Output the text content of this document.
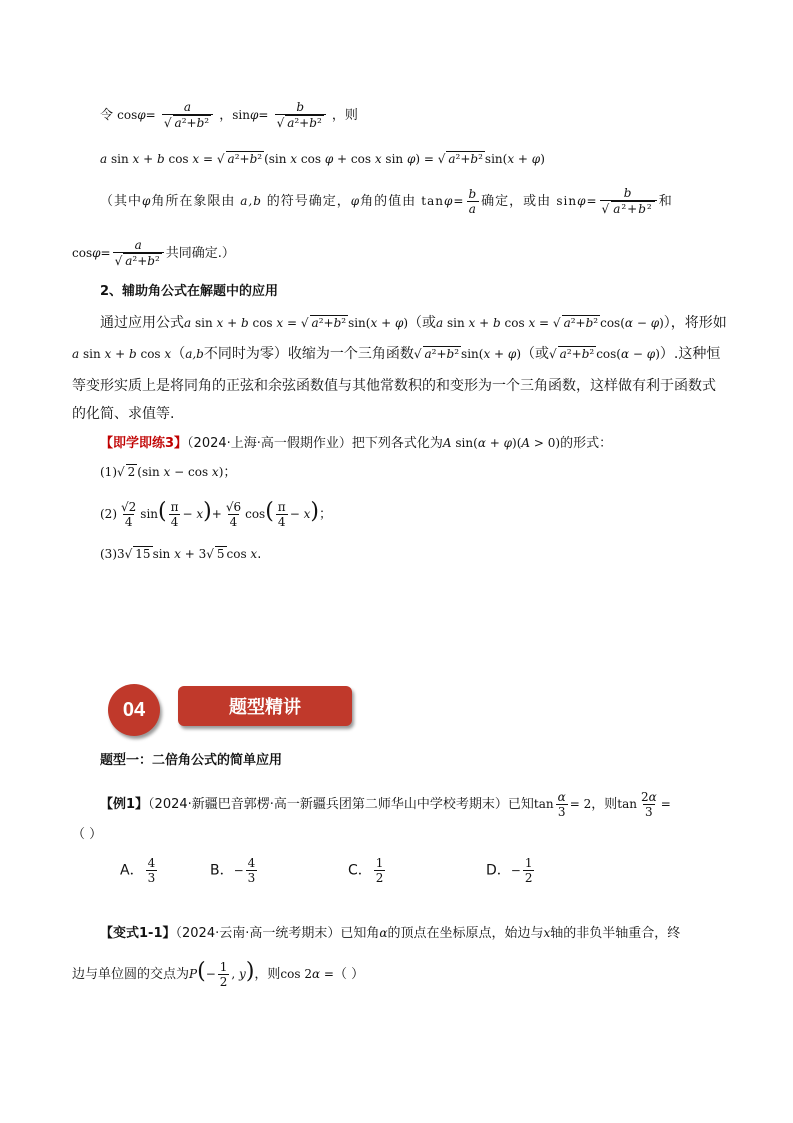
令 $\cos\varphi= \frac{a}{\text{√ a²+b²}}$ ，$\sin\varphi= \frac{b}{\text{√ a²+b²}}$ ，则
a sin x + b cos x = √ a²+b² (sin x cos φ + cos x sin φ) = √ a²+b² sin(x + φ)
（其中φ角所在象限由 a,b 的符号确定，φ角的值由 $\tan\varphi= \frac{b}{a}$ 确定，或由 $\sin\varphi= \frac{b}{\text{√ a²+b²}}$ 和
$\cos\varphi= \frac{a}{\text{√ a²+b²}}$ 共同确定.）
2、辅助角公式在解题中的应用
通过应用公式a sin x + b cos x = √ a²+b² sin(x + φ)（或a sin x + b cos x = √ a²+b² cos(α − φ)），将形如
a sin x + b cos x（a,b不同时为零）收缩为一个三角函数√ a²+b² sin(x + φ)（或√ a²+b² cos(α − φ)）.这种恒
等变形实质上是将同角的正弦和余弦函数值与其他常数积的和变形为一个三角函数，这样做有利于函数式
的化简、求值等.
【即学即练3】（2024·上海·高一假期作业）把下列各式化为A sin(α + φ)(A > 0)的形式：
(1)√ 2 (sin x − cos x)；
$(2) \frac{√2}{4} \sin( \frac{\pi}{4} - x)+ \frac{√6}{4} \cos( \frac{\pi}{4} - x)$；
(3)3√ 15 sin x + 3√ 5 cos x.
04	题型精讲
题型一：二倍角公式的简单应用
【例1】（2024·新疆巴音郭楞·高一新疆兵团第二师华山中学校考期末）已知$\tan \frac{\alpha}{3} = 2$，则$\tan \frac{2\alpha}{3}$ =
（ ）
A． $\frac{4}{3}$	B．− $\frac{4}{3}$	C． $\frac{1}{2}$	D．− $\frac{1}{2}$
【变式1-1】（2024·云南·高一统考期末）已知角α的顶点在坐标原点，始边与x轴的非负半轴重合，终
边与单位圆的交点为$P(- \frac{1}{2}$ , y)，则cos 2α =（ ）
